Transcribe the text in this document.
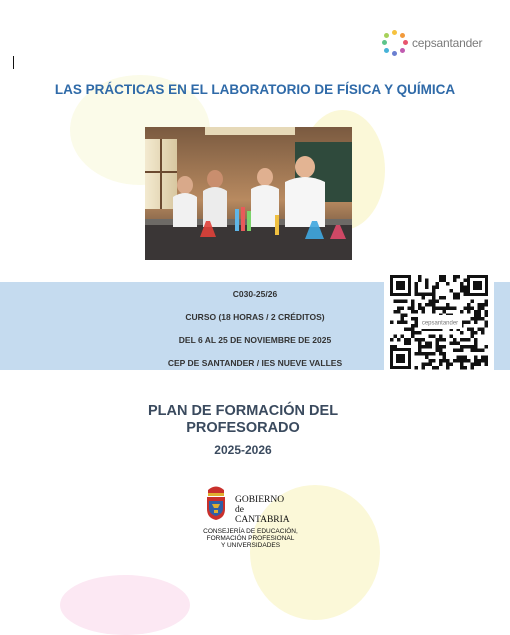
cepsantander
LAS PRÁCTICAS EN EL LABORATORIO DE FÍSICA Y QUÍMICA
C030-25/26
CURSO (18 HORAS / 2 CRÉDITOS)
DEL 6 AL 25 DE NOVIEMBRE DE 2025
CEP DE SANTANDER / IES NUEVE VALLES
cepsantander
PLAN DE FORMACIÓN DEL
PROFESORADO
2025-2026
GOBIERNO
de
CANTABRIA
CONSEJERÍA DE EDUCACIÓN,
FORMACIÓN PROFESIONAL
Y UNIVERSIDADES
